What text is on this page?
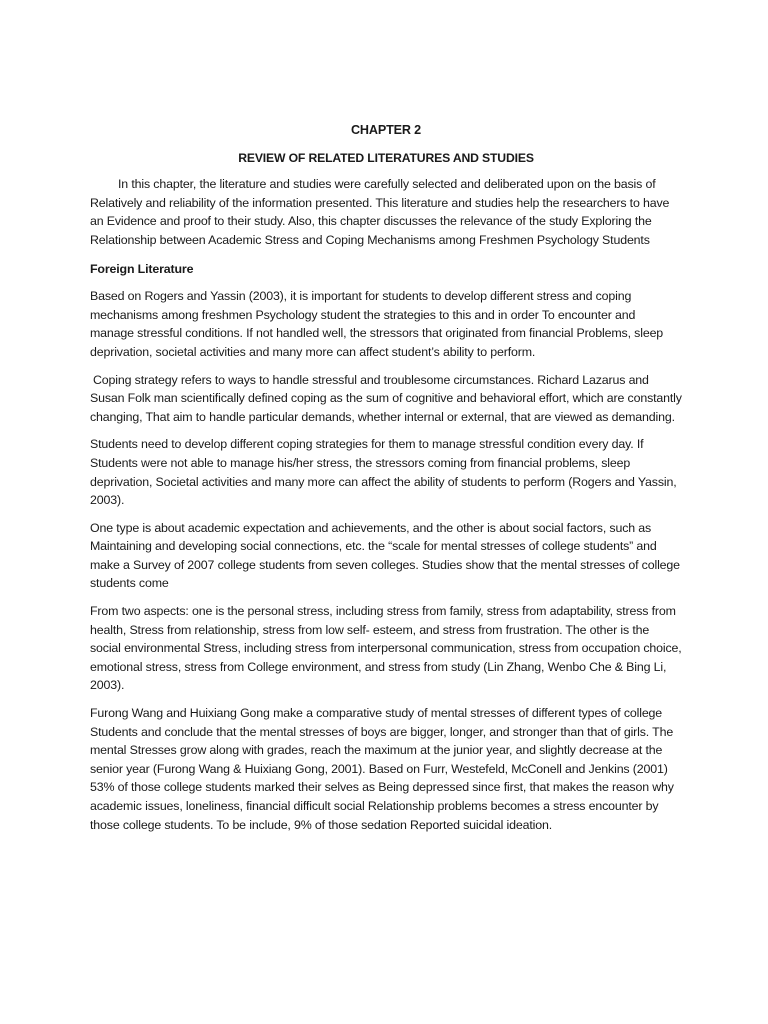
CHAPTER 2
REVIEW OF RELATED LITERATURES AND STUDIES

In this chapter, the literature and studies were carefully selected and deliberated upon on the basis of Relatively and reliability of the information presented. This literature and studies help the researchers to have an Evidence and proof to their study. Also, this chapter discusses the relevance of the study Exploring the Relationship between Academic Stress and Coping Mechanisms among Freshmen Psychology Students

Foreign Literature

Based on Rogers and Yassin (2003), it is important for students to develop different stress and coping mechanisms among freshmen Psychology student the strategies to this and in order To encounter and manage stressful conditions. If not handled well, the stressors that originated from financial Problems, sleep deprivation, societal activities and many more can affect student’s ability to perform.

Coping strategy refers to ways to handle stressful and troublesome circumstances. Richard Lazarus and Susan Folk man scientifically defined coping as the sum of cognitive and behavioral effort, which are constantly changing, That aim to handle particular demands, whether internal or external, that are viewed as demanding.

Students need to develop different coping strategies for them to manage stressful condition every day. If Students were not able to manage his/her stress, the stressors coming from financial problems, sleep deprivation, Societal activities and many more can affect the ability of students to perform (Rogers and Yassin, 2003).

One type is about academic expectation and achievements, and the other is about social factors, such as Maintaining and developing social connections, etc. the “scale for mental stresses of college students” and make a Survey of 2007 college students from seven colleges. Studies show that the mental stresses of college students come

From two aspects: one is the personal stress, including stress from family, stress from adaptability, stress from health, Stress from relationship, stress from low self- esteem, and stress from frustration. The other is the social environmental Stress, including stress from interpersonal communication, stress from occupation choice, emotional stress, stress from College environment, and stress from study (Lin Zhang, Wenbo Che & Bing Li, 2003).

Furong Wang and Huixiang Gong make a comparative study of mental stresses of different types of college Students and conclude that the mental stresses of boys are bigger, longer, and stronger than that of girls. The mental Stresses grow along with grades, reach the maximum at the junior year, and slightly decrease at the senior year (Furong Wang & Huixiang Gong, 2001). Based on Furr, Westefeld, McConell and Jenkins (2001) 53% of those college students marked their selves as Being depressed since first, that makes the reason why academic issues, loneliness, financial difficult social Relationship problems becomes a stress encounter by those college students. To be include, 9% of those sedation Reported suicidal ideation.
